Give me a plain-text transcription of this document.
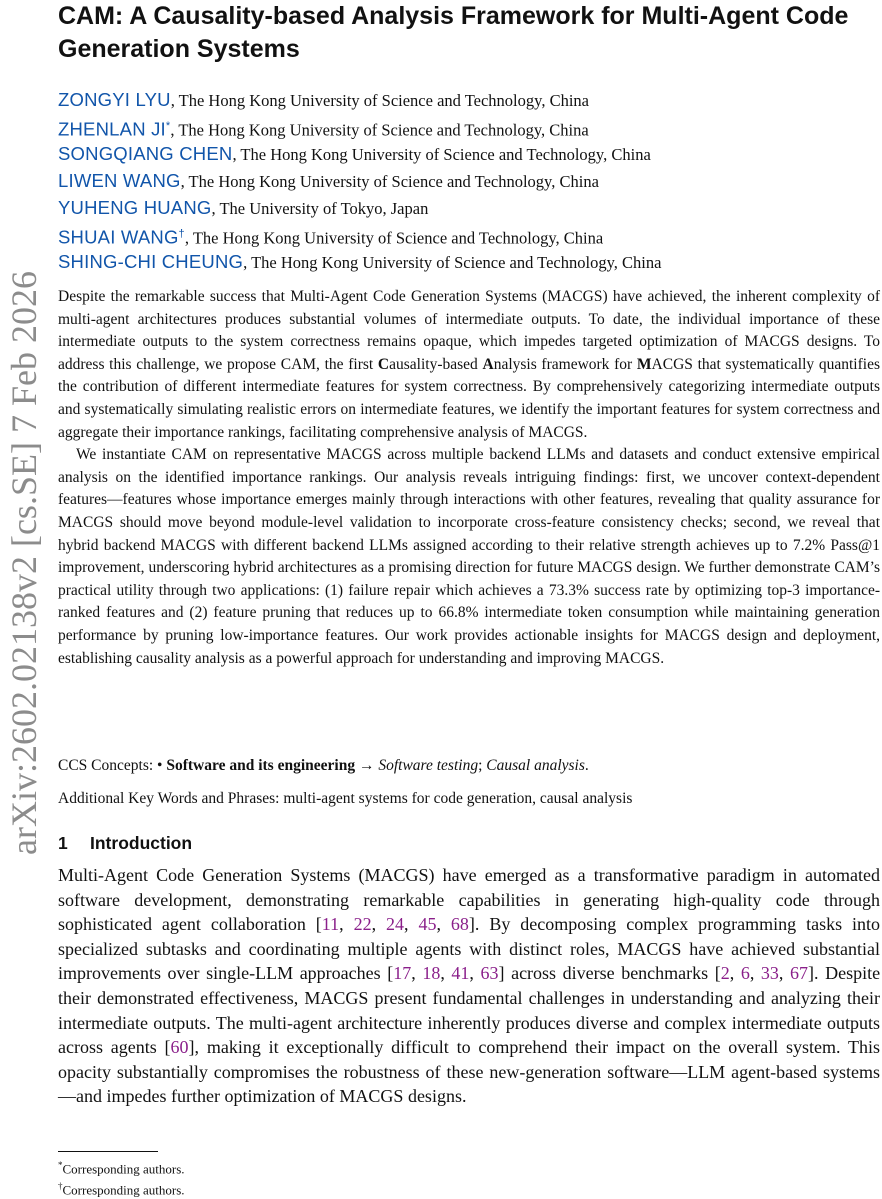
arXiv:2602.02138v2 [cs.SE] 7 Feb 2026
CAM: A Causality-based Analysis Framework for Multi-Agent Code Generation Systems
ZONGYI LYU, The Hong Kong University of Science and Technology, China
ZHENLAN JI*, The Hong Kong University of Science and Technology, China
SONGQIANG CHEN, The Hong Kong University of Science and Technology, China
LIWEN WANG, The Hong Kong University of Science and Technology, China
YUHENG HUANG, The University of Tokyo, Japan
SHUAI WANG†, The Hong Kong University of Science and Technology, China
SHING-CHI CHEUNG, The Hong Kong University of Science and Technology, China

Despite the remarkable success that Multi-Agent Code Generation Systems (MACGS) have achieved, the inherent complexity of multi-agent architectures produces substantial volumes of intermediate outputs. To date, the individual importance of these intermediate outputs to the system correctness remains opaque, which impedes targeted optimization of MACGS designs. To address this challenge, we propose CAM, the first Causality-based Analysis framework for MACGS that systematically quantifies the contribution of different intermediate features for system correctness. By comprehensively categorizing intermediate outputs and systematically simulating realistic errors on intermediate features, we identify the important features for system correctness and aggregate their importance rankings, facilitating comprehensive analysis of MACGS.

We instantiate CAM on representative MACGS across multiple backend LLMs and datasets and conduct extensive empirical analysis on the identified importance rankings. Our analysis reveals intriguing findings: first, we uncover context-dependent features—features whose importance emerges mainly through interactions with other features, revealing that quality assurance for MACGS should move beyond module-level validation to incorporate cross-feature consistency checks; second, we reveal that hybrid backend MACGS with different backend LLMs assigned according to their relative strength achieves up to 7.2% Pass@1 improvement, underscoring hybrid architectures as a promising direction for future MACGS design. We further demonstrate CAM’s practical utility through two applications: (1) failure repair which achieves a 73.3% success rate by optimizing top-3 importance-ranked features and (2) feature pruning that reduces up to 66.8% intermediate token consumption while maintaining generation performance by pruning low-importance features. Our work provides actionable insights for MACGS design and deployment, establishing causality analysis as a powerful approach for understanding and improving MACGS.

CCS Concepts: • Software and its engineering → Software testing; Causal analysis.

Additional Key Words and Phrases: multi-agent systems for code generation, causal analysis

1 Introduction

Multi-Agent Code Generation Systems (MACGS) have emerged as a transformative paradigm in automated software development, demonstrating remarkable capabilities in generating high-quality code through sophisticated agent collaboration [11, 22, 24, 45, 68]. By decomposing complex programming tasks into specialized subtasks and coordinating multiple agents with distinct roles, MACGS have achieved substantial improvements over single-LLM approaches [17, 18, 41, 63] across diverse benchmarks [2, 6, 33, 67]. Despite their demonstrated effectiveness, MACGS present fundamental challenges in understanding and analyzing their intermediate outputs. The multi-agent architecture inherently produces diverse and complex intermediate outputs across agents [60], making it exceptionally difficult to comprehend their impact on the overall system. This opacity substantially compromises the robustness of these new-generation software—LLM agent-based systems—and impedes further optimization of MACGS designs.

*Corresponding authors.
†Corresponding authors.
